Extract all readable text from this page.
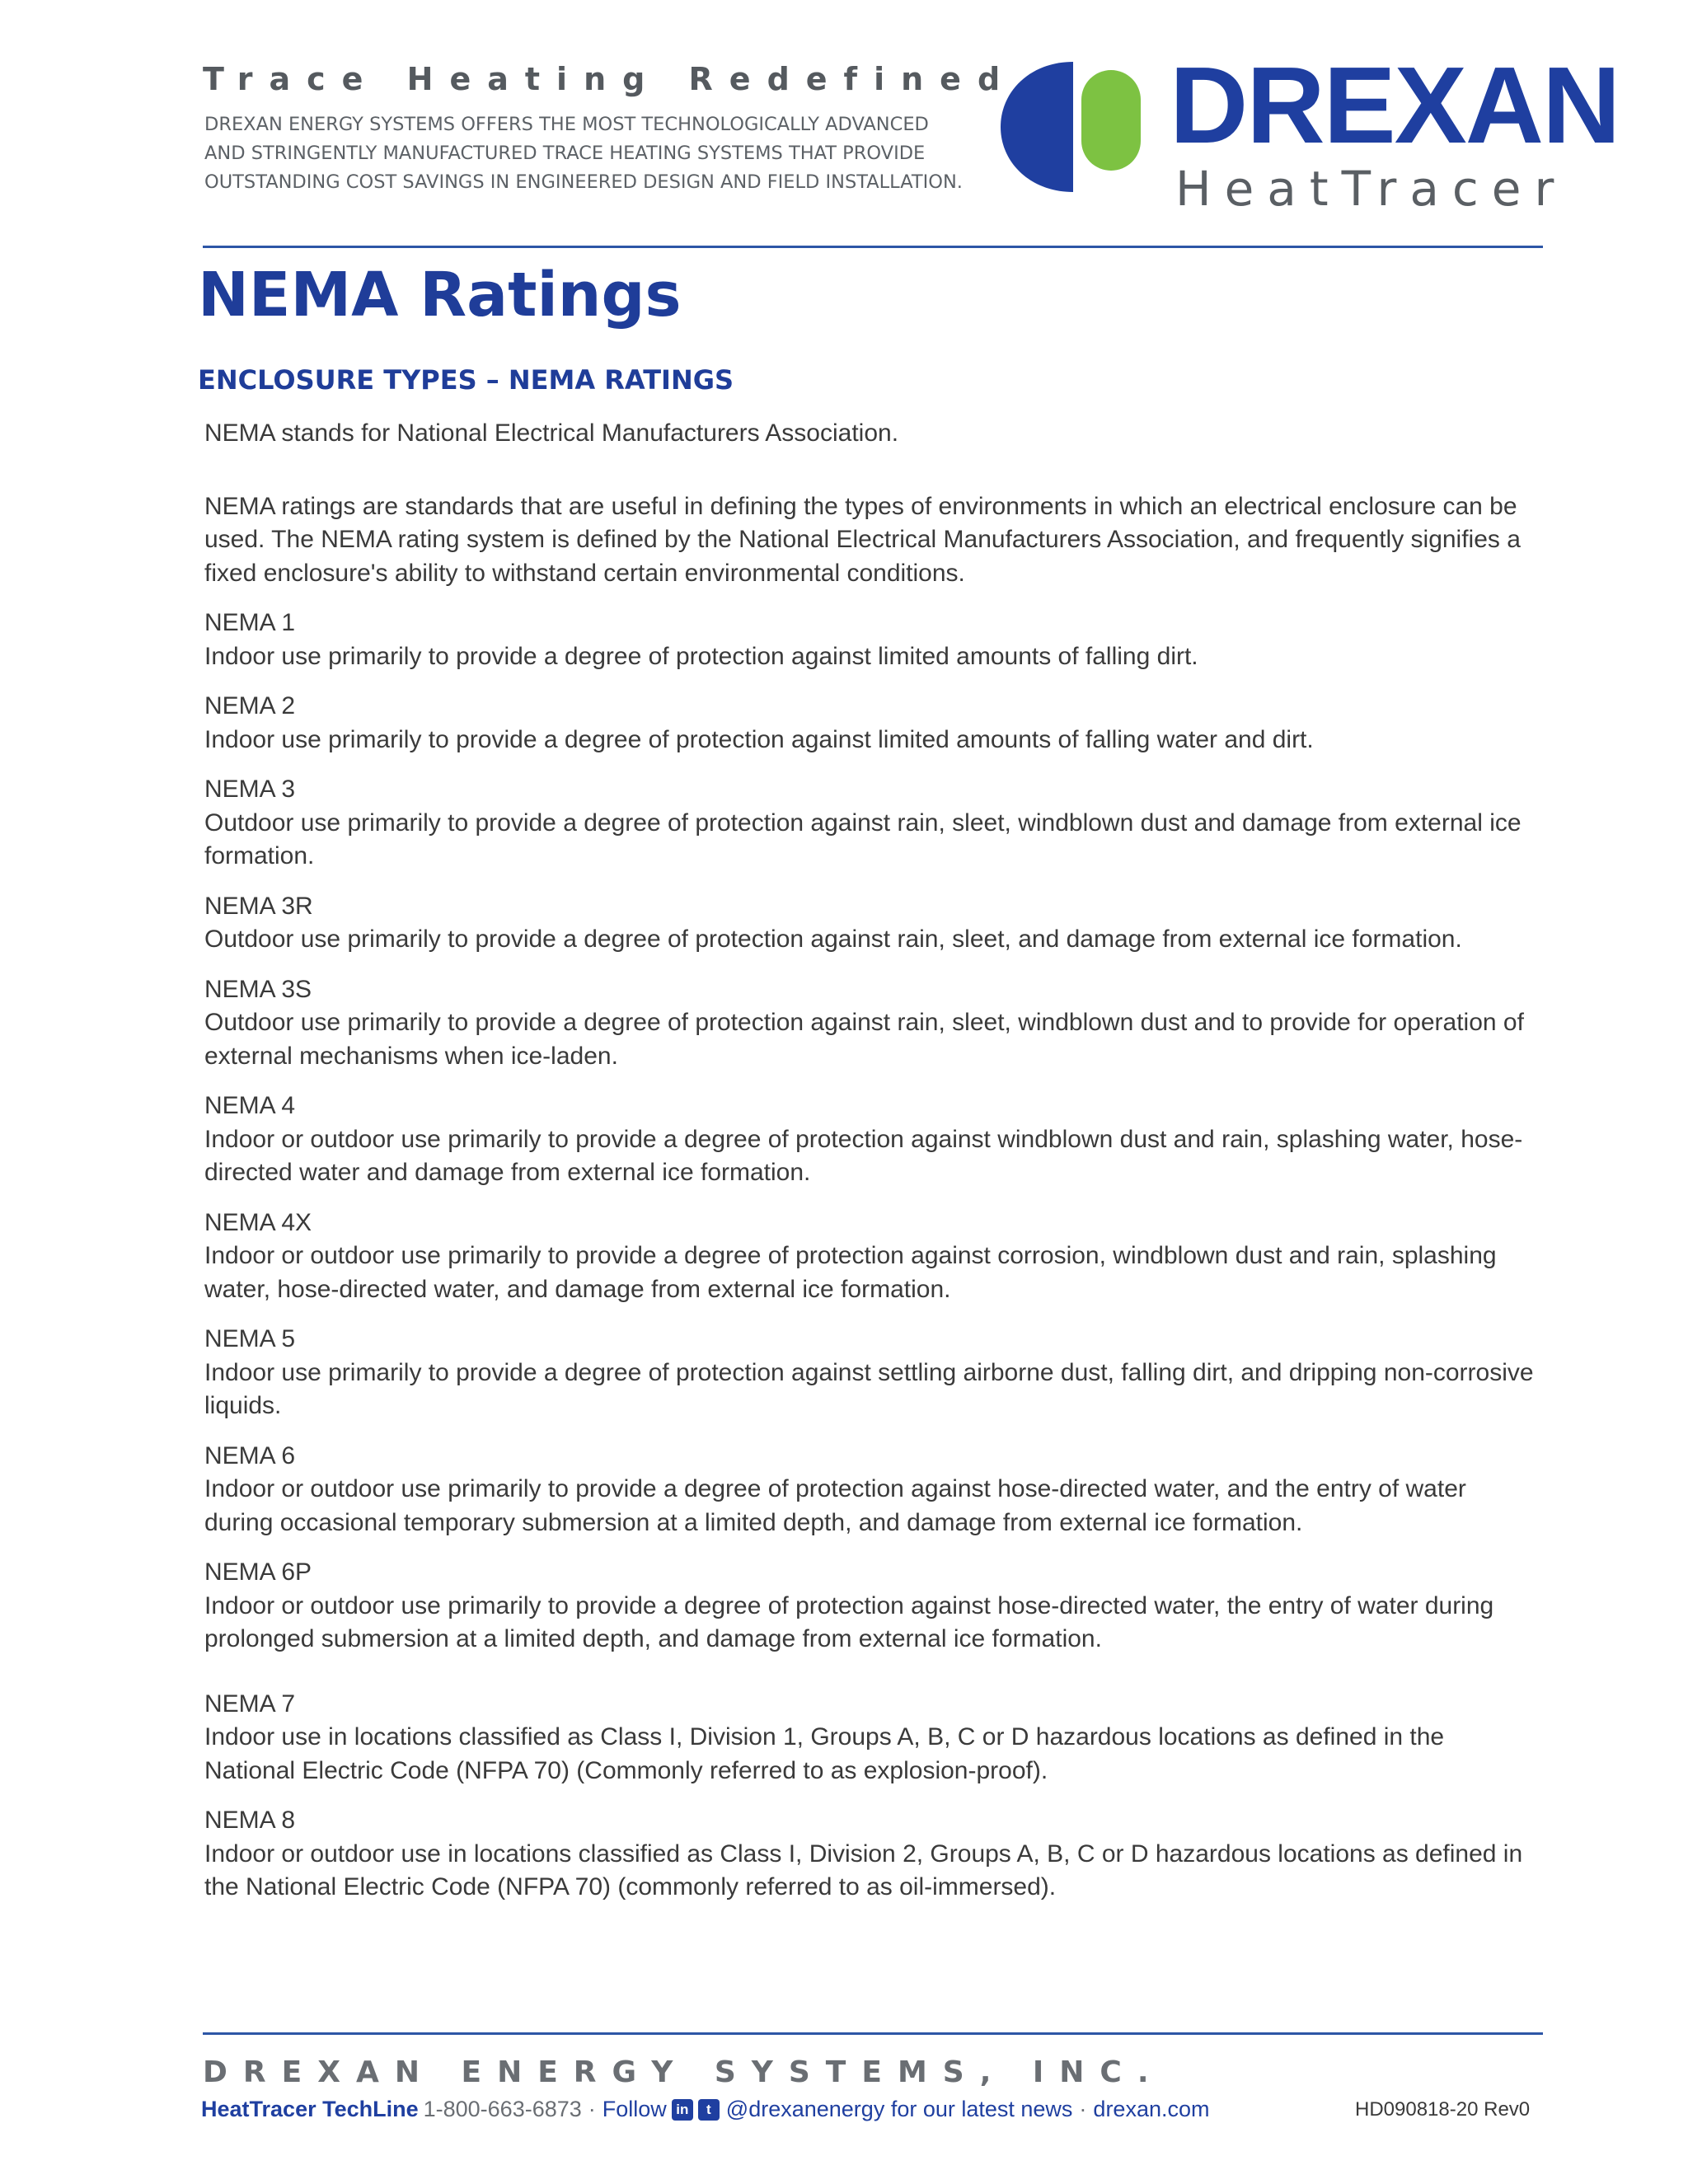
Trace Heating Redefined
DREXAN ENERGY SYSTEMS OFFERS THE MOST TECHNOLOGICALLY ADVANCED
AND STRINGENTLY MANUFACTURED TRACE HEATING SYSTEMS THAT PROVIDE
OUTSTANDING COST SAVINGS IN ENGINEERED DESIGN AND FIELD INSTALLATION.
DREXAN
HeatTracer
NEMA Ratings
ENCLOSURE TYPES – NEMA RATINGS

NEMA stands for National Electrical Manufacturers Association.

NEMA ratings are standards that are useful in defining the types of environments in which an electrical enclosure can be used. The NEMA rating system is defined by the National Electrical Manufacturers Association, and frequently signifies a fixed enclosure's ability to withstand certain environmental conditions.

NEMA 1
Indoor use primarily to provide a degree of protection against limited amounts of falling dirt.
NEMA 2
Indoor use primarily to provide a degree of protection against limited amounts of falling water and dirt.
NEMA 3
Outdoor use primarily to provide a degree of protection against rain, sleet, windblown dust and damage from external ice formation.
NEMA 3R
Outdoor use primarily to provide a degree of protection against rain, sleet, and damage from external ice formation.
NEMA 3S
Outdoor use primarily to provide a degree of protection against rain, sleet, windblown dust and to provide for operation of external mechanisms when ice-laden.
NEMA 4
Indoor or outdoor use primarily to provide a degree of protection against windblown dust and rain, splashing water, hose-directed water and damage from external ice formation.
NEMA 4X
Indoor or outdoor use primarily to provide a degree of protection against corrosion, windblown dust and rain, splashing water, hose-directed water, and damage from external ice formation.
NEMA 5
Indoor use primarily to provide a degree of protection against settling airborne dust, falling dirt, and dripping non-corrosive liquids.
NEMA 6
Indoor or outdoor use primarily to provide a degree of protection against hose-directed water, and the entry of water during occasional temporary submersion at a limited depth, and damage from external ice formation.
NEMA 6P
Indoor or outdoor use primarily to provide a degree of protection against hose-directed water, the entry of water during prolonged submersion at a limited depth, and damage from external ice formation.
NEMA 7
Indoor use in locations classified as Class I, Division 1, Groups A, B, C or D hazardous locations as defined in the National Electric Code (NFPA 70) (Commonly referred to as explosion-proof).
NEMA 8
Indoor or outdoor use in locations classified as Class I, Division 2, Groups A, B, C or D hazardous locations as defined in the National Electric Code (NFPA 70) (commonly referred to as oil-immersed).
DREXAN ENERGY SYSTEMS, INC.
HeatTracer TechLine 1-800-663-6873 · Follow in	t @drexanenergy for our latest news · drexan.com	HD090818-20 Rev0
